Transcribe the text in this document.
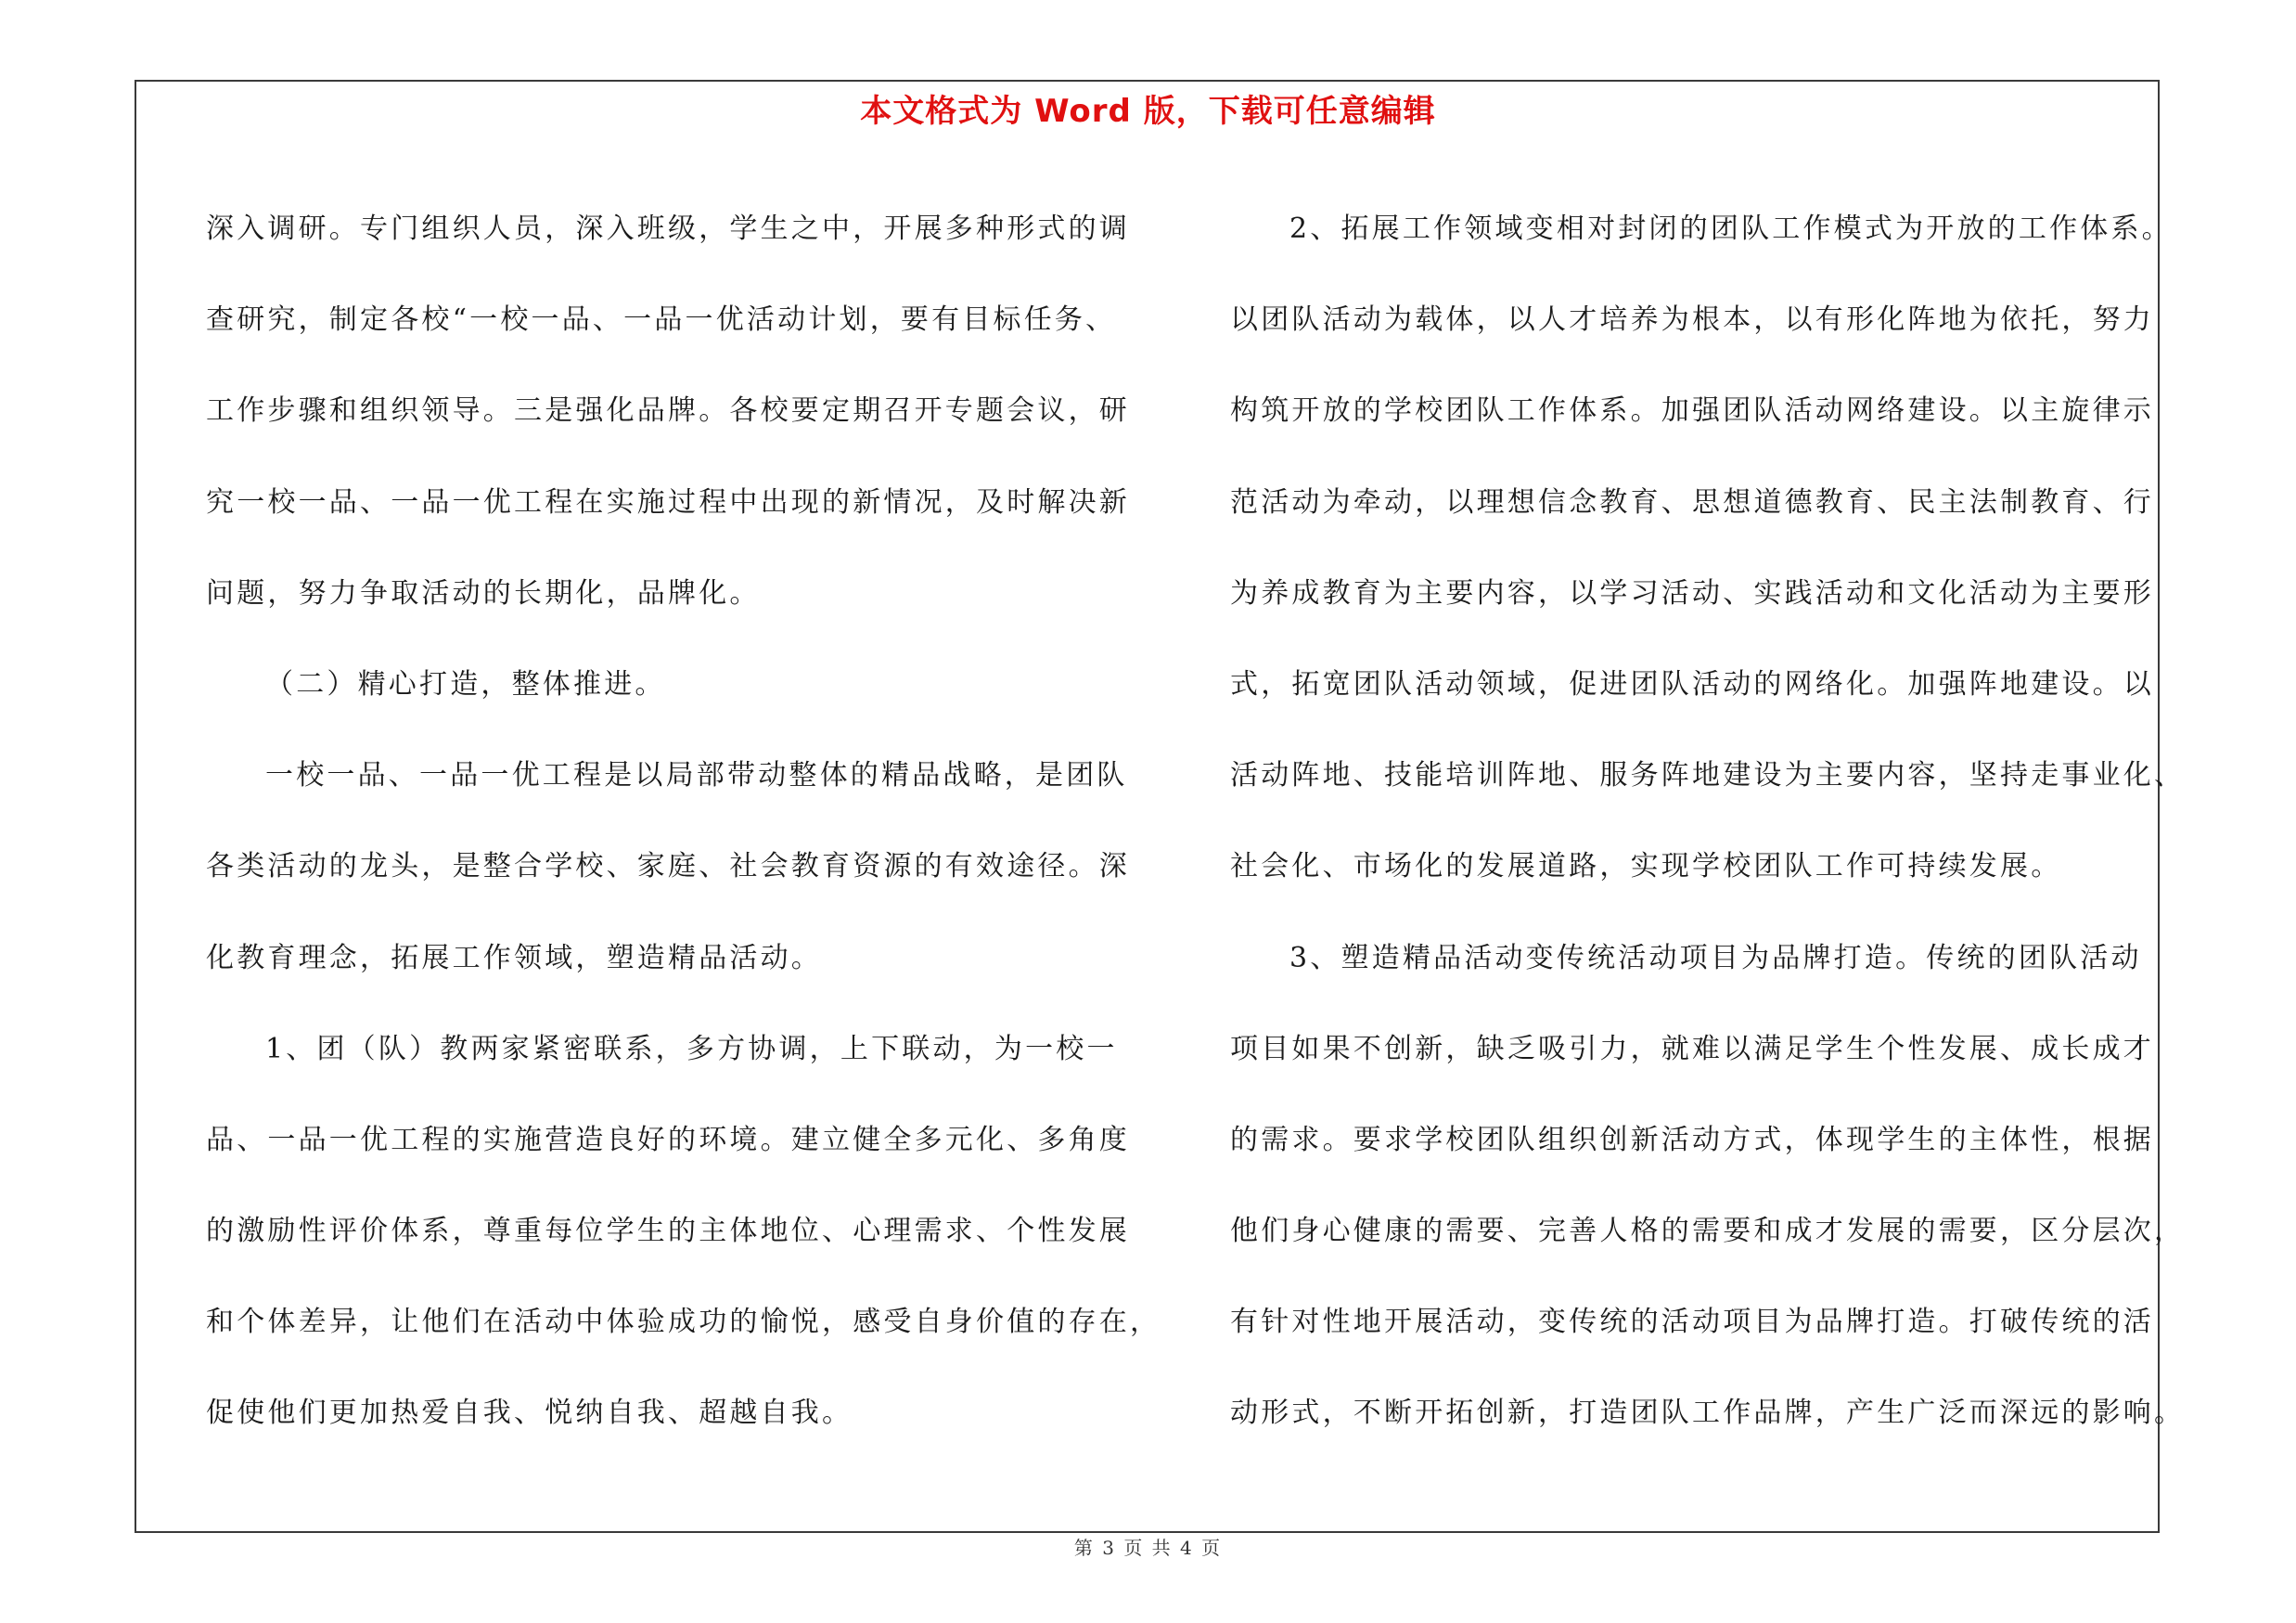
本文格式为 Word 版，下载可任意编辑
深入调研。专门组织人员，深入班级，学生之中，开展多种形式的调
查研究，制定各校“一校一品、一品一优活动计划，要有目标任务、
工作步骤和组织领导。三是强化品牌。各校要定期召开专题会议，研
究一校一品、一品一优工程在实施过程中出现的新情况，及时解决新
问题，努力争取活动的长期化，品牌化。
（二）精心打造，整体推进。
一校一品、一品一优工程是以局部带动整体的精品战略，是团队
各类活动的龙头，是整合学校、家庭、社会教育资源的有效途径。深
化教育理念，拓展工作领域，塑造精品活动。
1、团（队）教两家紧密联系，多方协调，上下联动，为一校一
品、一品一优工程的实施营造良好的环境。建立健全多元化、多角度
的激励性评价体系，尊重每位学生的主体地位、心理需求、个性发展
和个体差异，让他们在活动中体验成功的愉悦，感受自身价值的存在，
促使他们更加热爱自我、悦纳自我、超越自我。
2、拓展工作领域变相对封闭的团队工作模式为开放的工作体系。
以团队活动为载体，以人才培养为根本，以有形化阵地为依托，努力
构筑开放的学校团队工作体系。加强团队活动网络建设。以主旋律示
范活动为牵动，以理想信念教育、思想道德教育、民主法制教育、行
为养成教育为主要内容，以学习活动、实践活动和文化活动为主要形
式，拓宽团队活动领域，促进团队活动的网络化。加强阵地建设。以
活动阵地、技能培训阵地、服务阵地建设为主要内容，坚持走事业化、
社会化、市场化的发展道路，实现学校团队工作可持续发展。
3、塑造精品活动变传统活动项目为品牌打造。传统的团队活动
项目如果不创新，缺乏吸引力，就难以满足学生个性发展、成长成才
的需求。要求学校团队组织创新活动方式，体现学生的主体性，根据
他们身心健康的需要、完善人格的需要和成才发展的需要，区分层次，
有针对性地开展活动，变传统的活动项目为品牌打造。打破传统的活
动形式，不断开拓创新，打造团队工作品牌，产生广泛而深远的影响。
第 3 页 共 4 页
